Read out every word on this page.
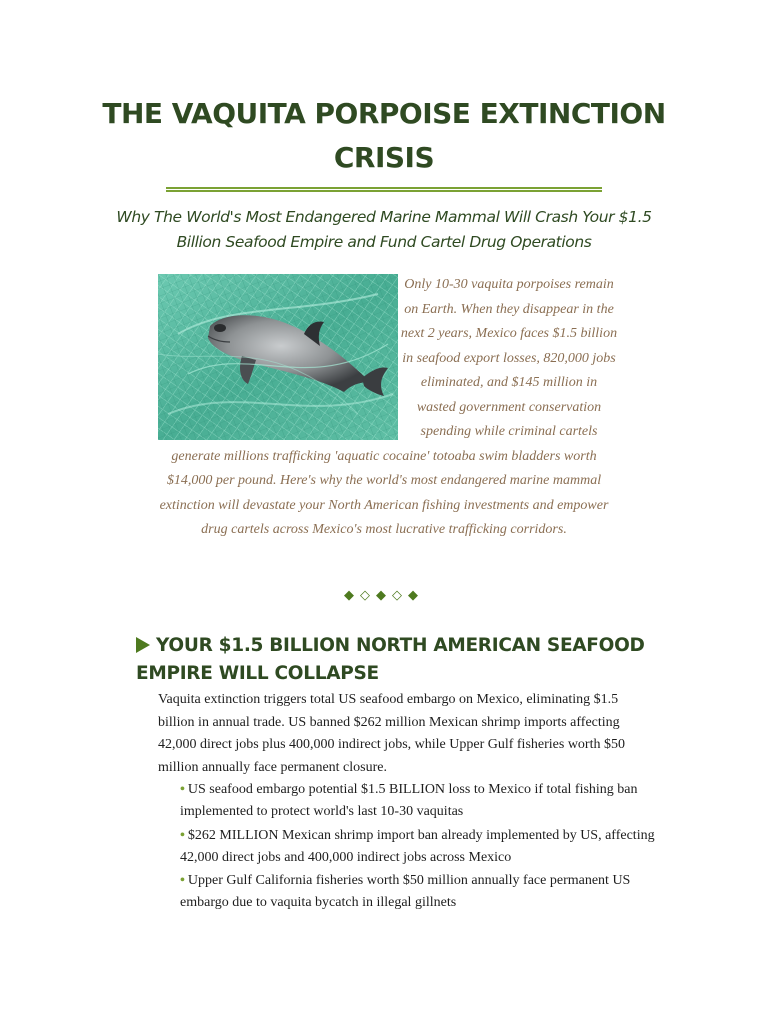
THE VAQUITA PORPOISE EXTINCTION CRISIS

Why The World's Most Endangered Marine Mammal Will Crash Your $1.5 Billion Seafood Empire and Fund Cartel Drug Operations

Only 10-30 vaquita porpoises remain on Earth. When they disappear in the next 2 years, Mexico faces $1.5 billion in seafood export losses, 820,000 jobs eliminated, and $145 million in wasted government conservation spending while criminal cartels generate millions trafficking 'aquatic cocaine' totoaba swim bladders worth $14,000 per pound. Here's why the world's most endangered marine mammal extinction will devastate your North American fishing investments and empower drug cartels across Mexico's most lucrative trafficking corridors.

◆◇◆◇◆
YOUR $1.5 BILLION NORTH AMERICAN SEAFOOD EMPIRE WILL COLLAPSE

Vaquita extinction triggers total US seafood embargo on Mexico, eliminating $1.5 billion in annual trade. US banned $262 million Mexican shrimp imports affecting 42,000 direct jobs plus 400,000 indirect jobs, while Upper Gulf fisheries worth $50 million annually face permanent closure.

• US seafood embargo potential $1.5 BILLION loss to Mexico if total fishing ban implemented to protect world's last 10-30 vaquitas
• $262 MILLION Mexican shrimp import ban already implemented by US, affecting 42,000 direct jobs and 400,000 indirect jobs across Mexico
• Upper Gulf California fisheries worth $50 million annually face permanent US embargo due to vaquita bycatch in illegal gillnets
